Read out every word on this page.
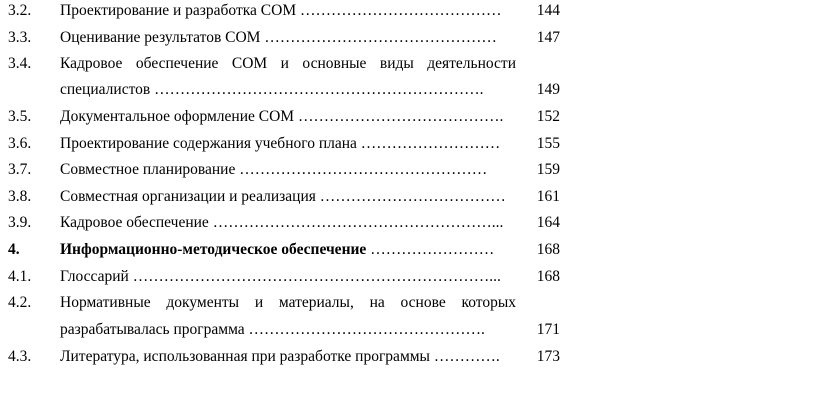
3.2. Проектирование и разработка СОМ …………………………………	144
3.3. Оценивание результатов СОМ ………………………………………	147
3.4. Кадровое обеспечение СОМ и основные виды деятельности
специалистов ……………………………………………………….	149
3.5. Документальное оформление СОМ ………………………………….	152
3.6. Проектирование содержания учебного плана ………………………	155
3.7. Совместное планирование …………………………………………	159
3.8. Совместная организации и реализация ………………………………	161
3.9. Кадровое обеспечение ………………………………………………...	164
4.	Информационно-методическое обеспечение ……………………	168
4.1. Глоссарий ……………………………………………………………...	168
4.2. Нормативные документы и материалы, на основе которых
разрабатывалась программа ……………………………………….	171
4.3. Литература, использованная при разработке программы ………….	173
